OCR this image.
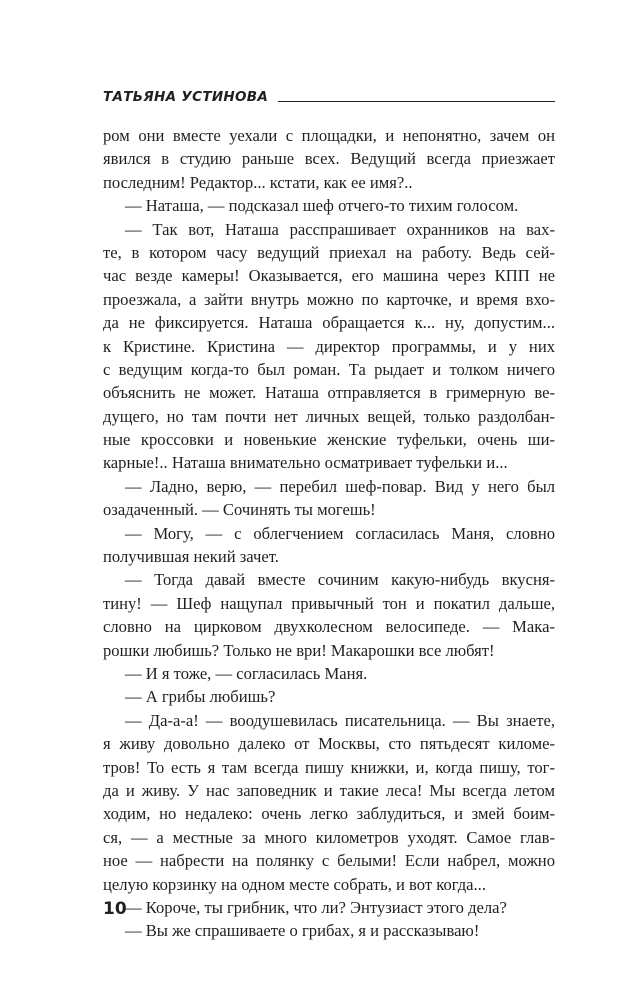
ТАТЬЯНА УСТИНОВА
ром они вместе уехали с площадки, и непонятно, зачем он
явился в студию раньше всех. Ведущий всегда приезжает
последним! Редактор... кстати, как ее имя?..
— Наташа, — подсказал шеф отчего-то тихим голосом.
— Так вот, Наташа расспрашивает охранников на вах-
те, в котором часу ведущий приехал на работу. Ведь сей-
час везде камеры! Оказывается, его машина через КПП не
проезжала, а зайти внутрь можно по карточке, и время вхо-
да не фиксируется. Наташа обращается к... ну, допустим...
к Кристине. Кристина — директор программы, и у них
с ведущим когда-то был роман. Та рыдает и толком ничего
объяснить не может. Наташа отправляется в гримерную ве-
дущего, но там почти нет личных вещей, только раздолбан-
ные кроссовки и новенькие женские туфельки, очень ши-
карные!.. Наташа внимательно осматривает туфельки и...
— Ладно, верю, — перебил шеф-повар. Вид у него был
озадаченный. — Сочинять ты могешь!
— Могу, — с облегчением согласилась Маня, словно
получившая некий зачет.
— Тогда давай вместе сочиним какую-нибудь вкусня-
тину! — Шеф нащупал привычный тон и покатил дальше,
словно на цирковом двухколесном велосипеде. — Мака-
рошки любишь? Только не ври! Макарошки все любят!
— И я тоже, — согласилась Маня.
— А грибы любишь?
— Да-а-а! — воодушевилась писательница. — Вы знаете,
я живу довольно далеко от Москвы, сто пятьдесят киломе-
тров! То есть я там всегда пишу книжки, и, когда пишу, тог-
да и живу. У нас заповедник и такие леса! Мы всегда летом
ходим, но недалеко: очень легко заблудиться, и змей боим-
ся, — а местные за много километров уходят. Самое глав-
ное — набрести на полянку с белыми! Если набрел, можно
целую корзинку на одном месте собрать, и вот когда...
— Короче, ты грибник, что ли? Энтузиаст этого дела?
— Вы же спрашиваете о грибах, я и рассказываю!
10
